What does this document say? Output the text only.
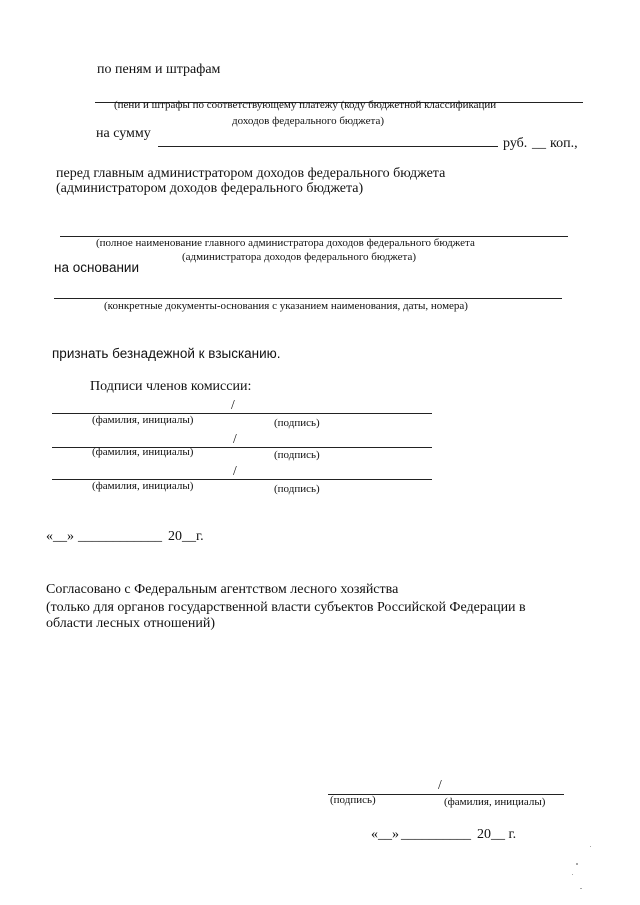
по пеням и штрафам
(пени и штрафы по соответствующему платежу (коду бюджетной классификации
доходов федерального бюджета)
на сумму
руб. __ коп.,
перед главным администратором доходов федерального бюджета
(администратором доходов федерального бюджета)
(полное наименование главного администратора доходов федерального бюджета
(администратора доходов федерального бюджета)
на основании
(конкретные документы-основания с указанием наименования, даты, номера)
признать безнадежной к взысканию.
Подписи членов комиссии:
/
(фамилия, инициалы)	(подпись)
/
(фамилия, инициалы)	(подпись)
/
(фамилия, инициалы)	(подпись)
«__» ____________ 20__г.
Согласовано с Федеральным агентством лесного хозяйства
(только для органов государственной власти субъектов Российской Федерации в
области лесных отношений)
/
(подпись)	(фамилия, инициалы)
«__» __________ 20__ г.
